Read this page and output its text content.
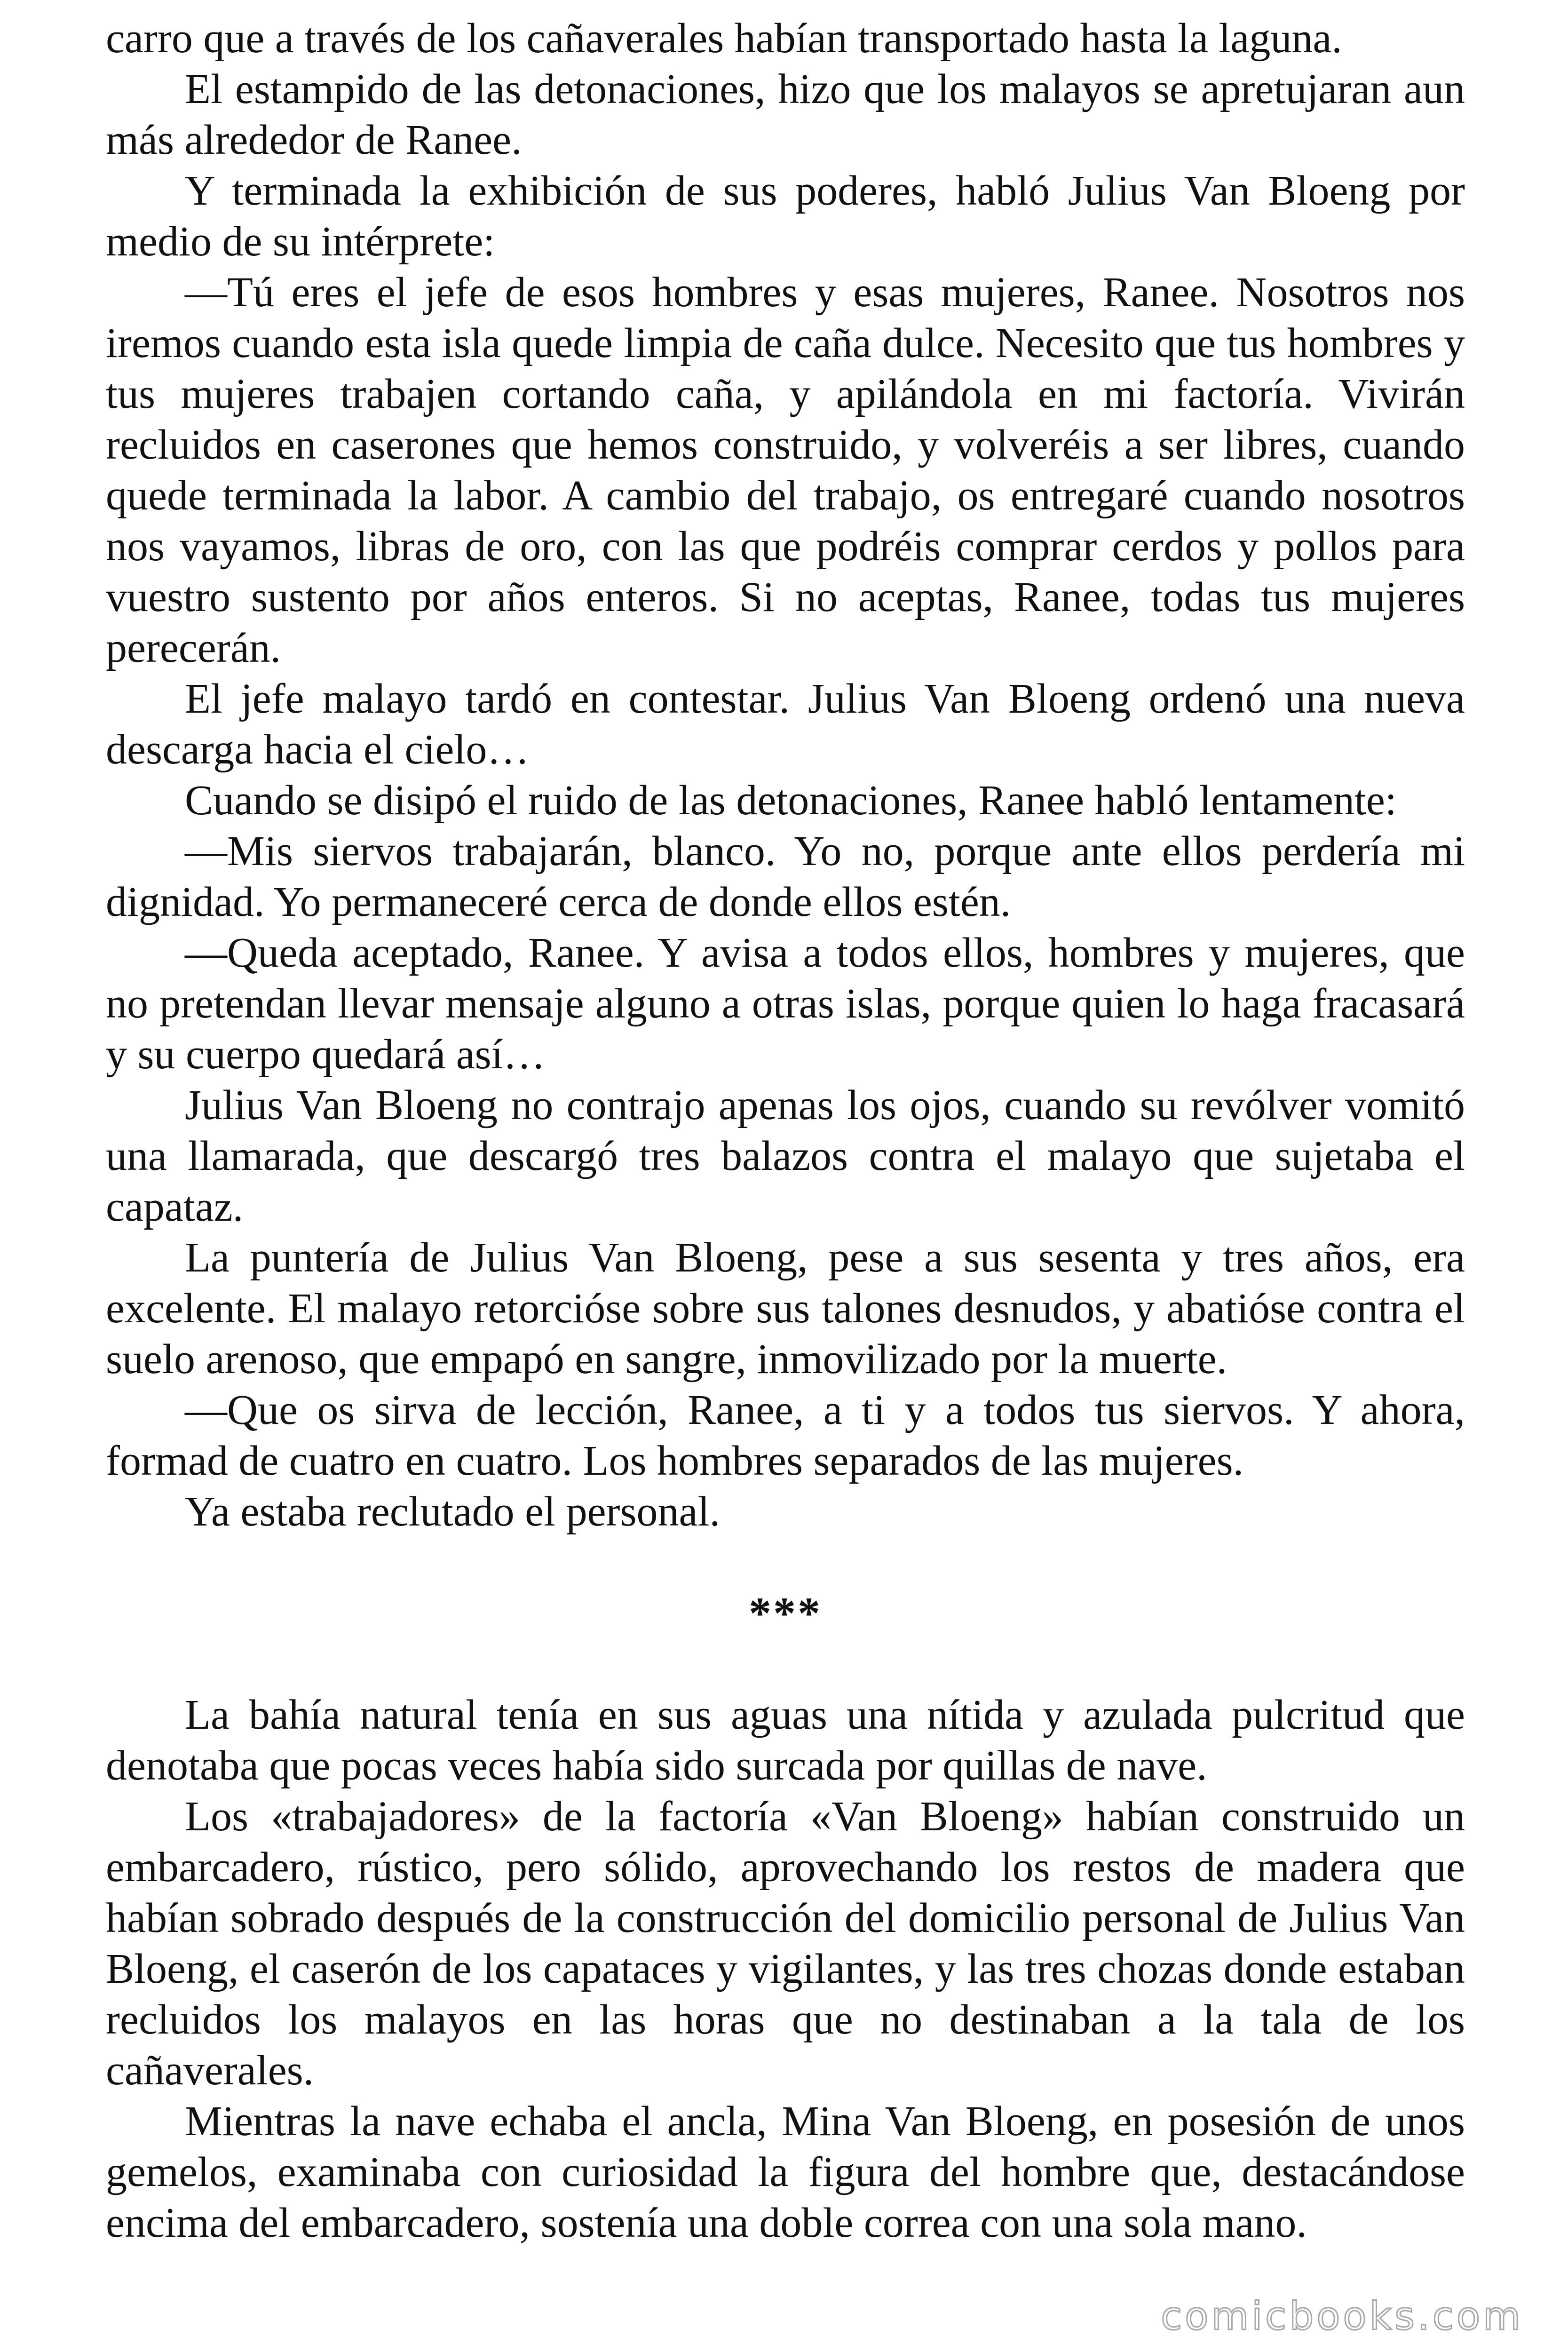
carro que a través de los cañaverales habían transportado hasta la laguna.

El estampido de las detonaciones, hizo que los malayos se apretujaran aun más alrededor de Ranee.

Y terminada la exhibición de sus poderes, habló Julius Van Bloeng por medio de su intérprete:

—Tú eres el jefe de esos hombres y esas mujeres, Ranee. Nosotros nos iremos cuando esta isla quede limpia de caña dulce. Necesito que tus hombres y tus mujeres trabajen cortando caña, y apilándola en mi factoría. Vivirán recluidos en caserones que hemos construido, y volveréis a ser libres, cuando quede terminada la labor. A cambio del trabajo, os entregaré cuando nosotros nos vayamos, libras de oro, con las que podréis comprar cerdos y pollos para vuestro sustento por años enteros. Si no aceptas, Ranee, todas tus mujeres perecerán.

El jefe malayo tardó en contestar. Julius Van Bloeng ordenó una nueva descarga hacia el cielo…

Cuando se disipó el ruido de las detonaciones, Ranee habló lentamente:

—Mis siervos trabajarán, blanco. Yo no, porque ante ellos perdería mi dignidad. Yo permaneceré cerca de donde ellos estén.

—Queda aceptado, Ranee. Y avisa a todos ellos, hombres y mujeres, que no pretendan llevar mensaje alguno a otras islas, porque quien lo haga fracasará y su cuerpo quedará así…

Julius Van Bloeng no contrajo apenas los ojos, cuando su revólver vomitó una llamarada, que descargó tres balazos contra el malayo que sujetaba el capataz.

La puntería de Julius Van Bloeng, pese a sus sesenta y tres años, era excelente. El malayo retorcióse sobre sus talones desnudos, y abatióse contra el suelo arenoso, que empapó en sangre, inmovilizado por la muerte.

—Que os sirva de lección, Ranee, a ti y a todos tus siervos. Y ahora, formad de cuatro en cuatro. Los hombres separados de las mujeres.

Ya estaba reclutado el personal.

***

La bahía natural tenía en sus aguas una nítida y azulada pulcritud que denotaba que pocas veces había sido surcada por quillas de nave.

Los «trabajadores» de la factoría «Van Bloeng» habían construido un embarcadero, rústico, pero sólido, aprovechando los restos de madera que habían sobrado después de la construcción del domicilio personal de Julius Van Bloeng, el caserón de los capataces y vigilantes, y las tres chozas donde estaban recluidos los malayos en las horas que no destinaban a la tala de los cañaverales.

Mientras la nave echaba el ancla, Mina Van Bloeng, en posesión de unos gemelos, examinaba con curiosidad la figura del hombre que, destacándose encima del embarcadero, sostenía una doble correa con una sola mano.

comicbooks.com
